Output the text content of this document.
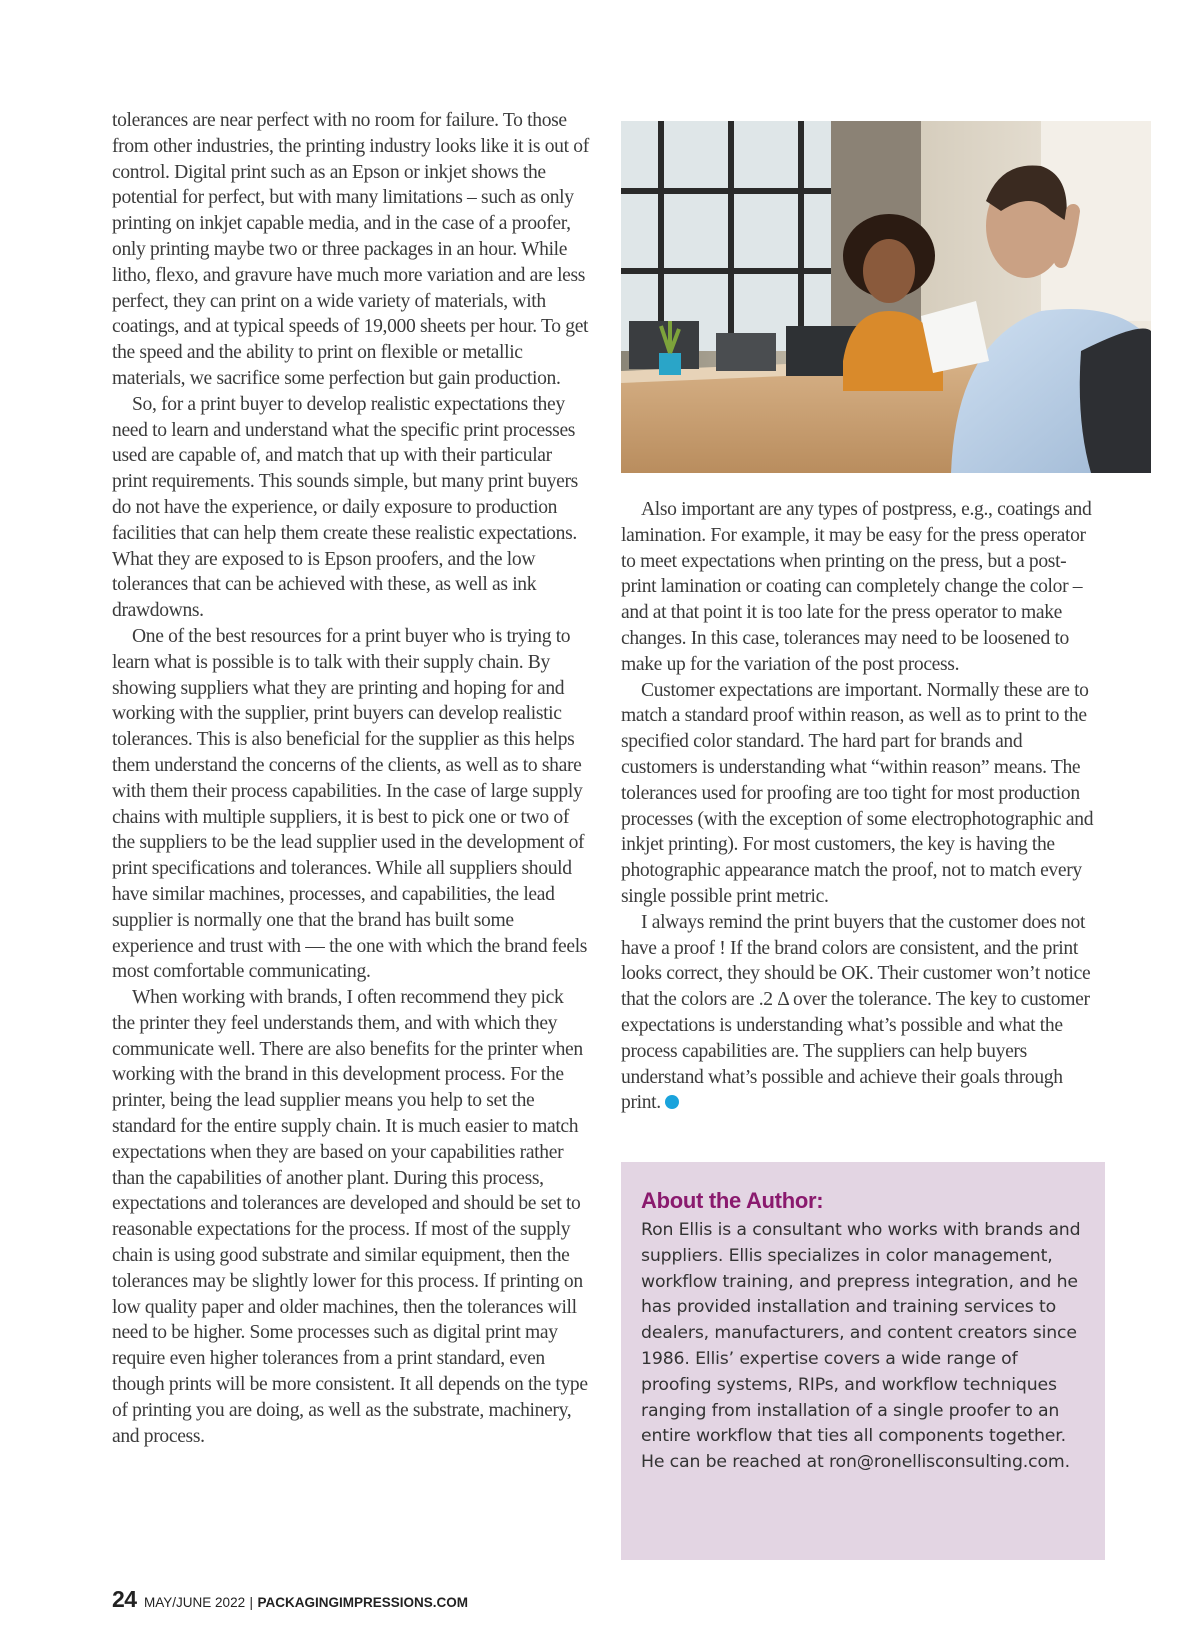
tolerances are near perfect with no room for failure. To those from other industries, the printing industry looks like it is out of control. Digital print such as an Epson or inkjet shows the potential for perfect, but with many limitations – such as only printing on inkjet capable media, and in the case of a proofer, only printing maybe two or three packages in an hour. While litho, flexo, and gravure have much more variation and are less perfect, they can print on a wide variety of materials, with coatings, and at typical speeds of 19,000 sheets per hour. To get the speed and the ability to print on flexible or metallic materials, we sacrifice some perfection but gain production.

So, for a print buyer to develop realistic expectations they need to learn and understand what the specific print processes used are capable of, and match that up with their particular print requirements. This sounds simple, but many print buyers do not have the experience, or daily exposure to production facilities that can help them create these realistic expectations. What they are exposed to is Epson proofers, and the low tolerances that can be achieved with these, as well as ink drawdowns.

One of the best resources for a print buyer who is trying to learn what is possible is to talk with their supply chain. By showing suppliers what they are printing and hoping for and working with the supplier, print buyers can develop realistic tolerances. This is also beneficial for the supplier as this helps them understand the concerns of the clients, as well as to share with them their process capabilities. In the case of large supply chains with multiple suppliers, it is best to pick one or two of the suppliers to be the lead supplier used in the development of print specifications and tolerances. While all suppliers should have similar machines, processes, and capabilities, the lead supplier is normally one that the brand has built some experience and trust with — the one with which the brand feels most comfortable communicating.

When working with brands, I often recommend they pick the printer they feel understands them, and with which they communicate well. There are also benefits for the printer when working with the brand in this development process. For the printer, being the lead supplier means you help to set the standard for the entire supply chain. It is much easier to match expectations when they are based on your capabilities rather than the capabilities of another plant. During this process, expectations and tolerances are developed and should be set to reasonable expectations for the process. If most of the supply chain is using good substrate and similar equipment, then the tolerances may be slightly lower for this process. If printing on low quality paper and older machines, then the tolerances will need to be higher. Some processes such as digital print may require even higher tolerances from a print standard, even though prints will be more consistent. It all depends on the type of printing you are doing, as well as the substrate, machinery, and process.

Also important are any types of postpress, e.g., coatings and lamination. For example, it may be easy for the press operator to meet expectations when printing on the press, but a post-print lamination or coating can completely change the color – and at that point it is too late for the press operator to make changes. In this case, tolerances may need to be loosened to make up for the variation of the post process.

Customer expectations are important. Normally these are to match a standard proof within reason, as well as to print to the specified color standard. The hard part for brands and customers is understanding what “within reason” means. The tolerances used for proofing are too tight for most production processes (with the exception of some electrophotographic and inkjet printing). For most customers, the key is having the photographic appearance match the proof, not to match every single possible print metric.

I always remind the print buyers that the customer does not have a proof ! If the brand colors are consistent, and the print looks correct, they should be OK. Their customer won’t notice that the colors are .2 Δ over the tolerance. The key to customer expectations is understanding what’s possible and what the process capabilities are. The suppliers can help buyers understand what’s possible and achieve their goals through print.

About the Author:

Ron Ellis is a consultant who works with brands and suppliers. Ellis specializes in color management, workflow training, and prepress integration, and he has provided installation and training services to dealers, manufacturers, and content creators since 1986. Ellis’ expertise covers a wide range of proofing systems, RIPs, and workflow techniques ranging from installation of a single proofer to an entire workflow that ties all components together. He can be reached at ron@ronellisconsulting.com.

24 MAY/JUNE 2022 | PACKAGINGIMPRESSIONS.COM
